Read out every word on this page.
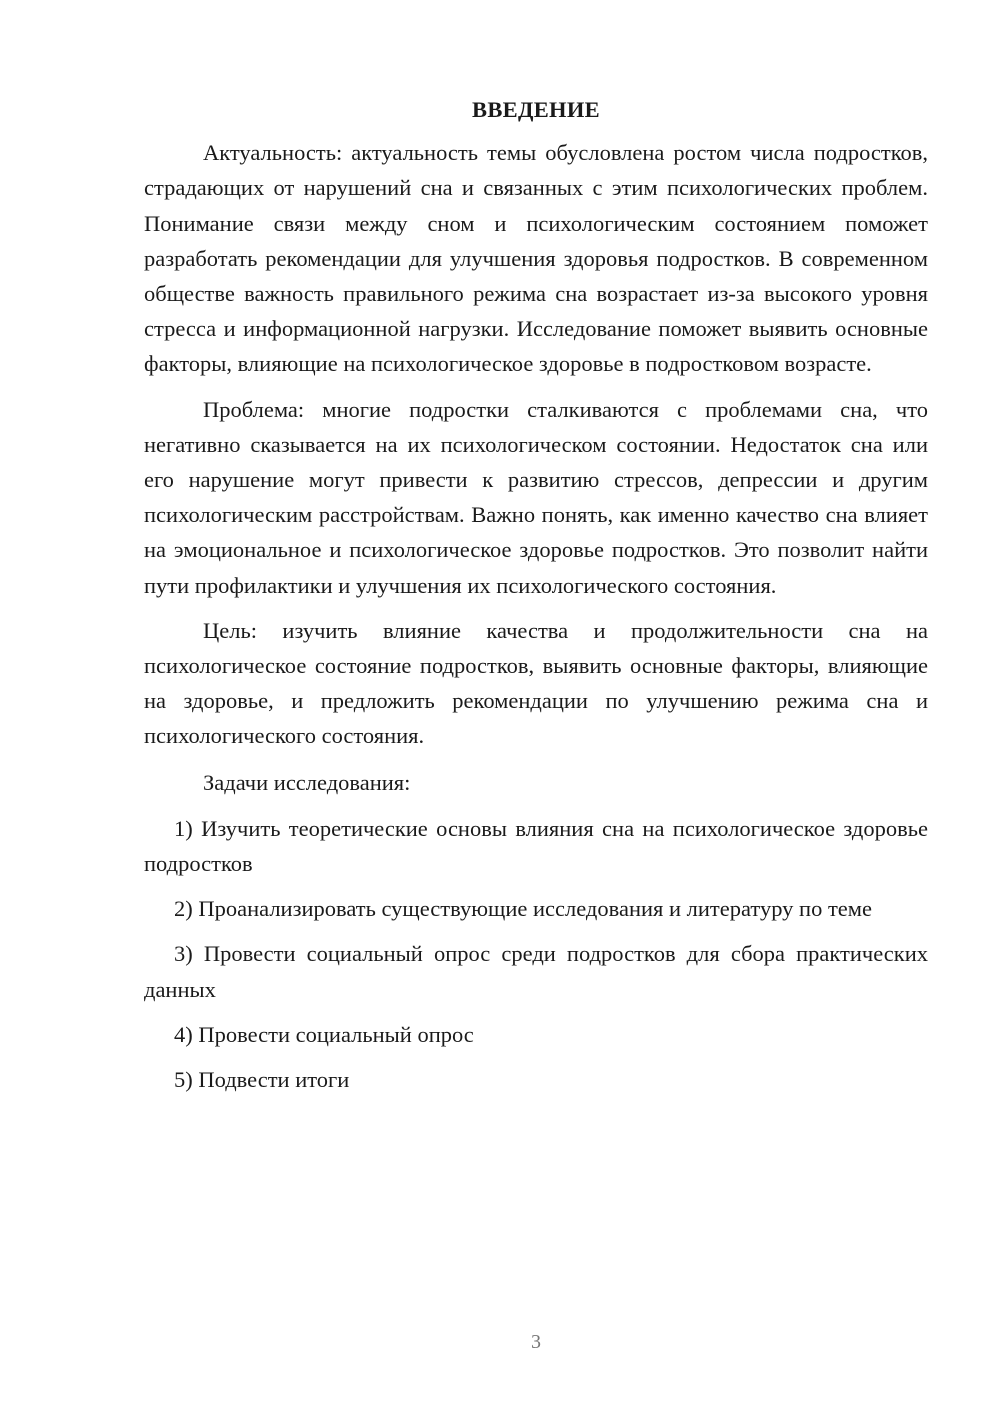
ВВЕДЕНИЕ

Актуальность: актуальность темы обусловлена ростом числа подростков, страдающих от нарушений сна и связанных с этим психологических проблем. Понимание связи между сном и психологическим состоянием поможет разработать рекомендации для улучшения здоровья подростков. В современном обществе важность правильного режима сна возрастает из-за высокого уровня стресса и информационной нагрузки. Исследование поможет выявить основные факторы, влияющие на психологическое здоровье в подростковом возрасте.

Проблема: многие подростки сталкиваются с проблемами сна, что негативно сказывается на их психологическом состоянии. Недостаток сна или его нарушение могут привести к развитию стрессов, депрессии и другим психологическим расстройствам. Важно понять, как именно качество сна влияет на эмоциональное и психологическое здоровье подростков. Это позволит найти пути профилактики и улучшения их психологического состояния.

Цель: изучить влияние качества и продолжительности сна на психологическое состояние подростков, выявить основные факторы, влияющие на здоровье, и предложить рекомендации по улучшению режима сна и психологического состояния.

Задачи исследования:

1) Изучить теоретические основы влияния сна на психологическое здоровье подростков

2) Проанализировать существующие исследования и литературу по теме

3) Провести социальный опрос среди подростков для сбора практических данных

4) Провести социальный опрос

5) Подвести итоги

3
